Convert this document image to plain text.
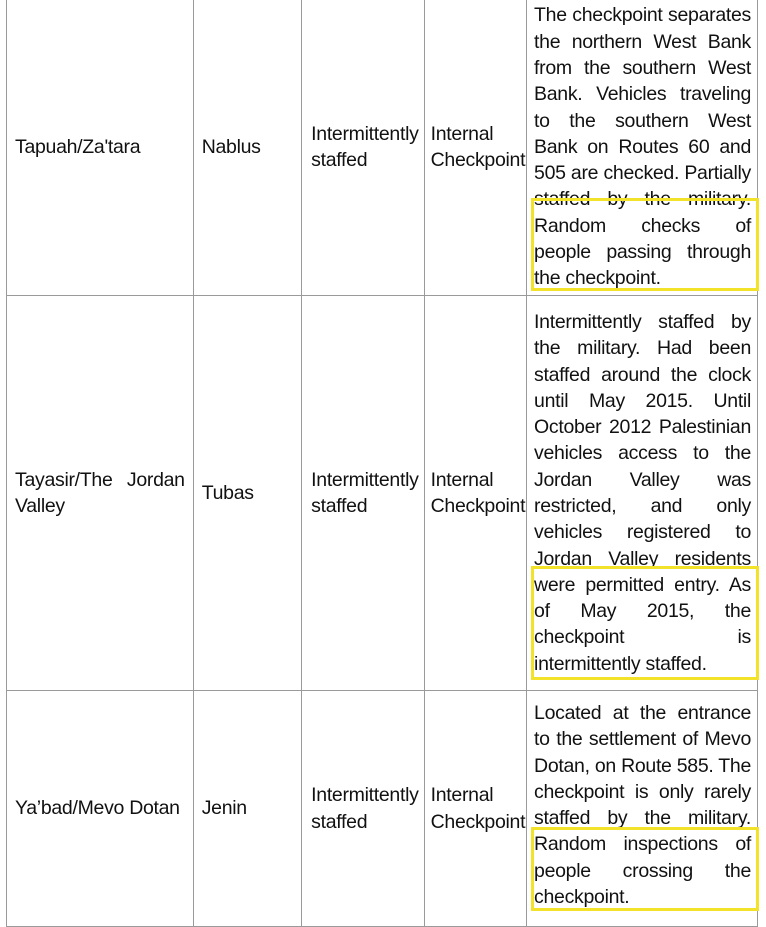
Tapuah/Za'tara	Nablus	Intermittently staffed	Internal Checkpoint	The checkpoint separates the northern West Bank from the southern West Bank. Vehicles traveling to the southern West Bank on Routes 60 and 505 are checked. Partially staffed by the military. Random checks of people passing through the checkpoint.
Tayasir/The Jordan Valley	Tubas	Intermittently staffed	Internal Checkpoint	Intermittently staffed by the military. Had been staffed around the clock until May 2015. Until October 2012 Palestinian vehicles access to the Jordan Valley was restricted, and only vehicles registered to Jordan Valley residents were permitted entry. As of May 2015, the checkpoint is intermittently staffed.
Ya’bad/Mevo Dotan	Jenin	Intermittently staffed	Internal Checkpoint	Located at the entrance to the settlement of Mevo Dotan, on Route 585. The checkpoint is only rarely staffed by the military. Random inspections of people crossing the checkpoint.
